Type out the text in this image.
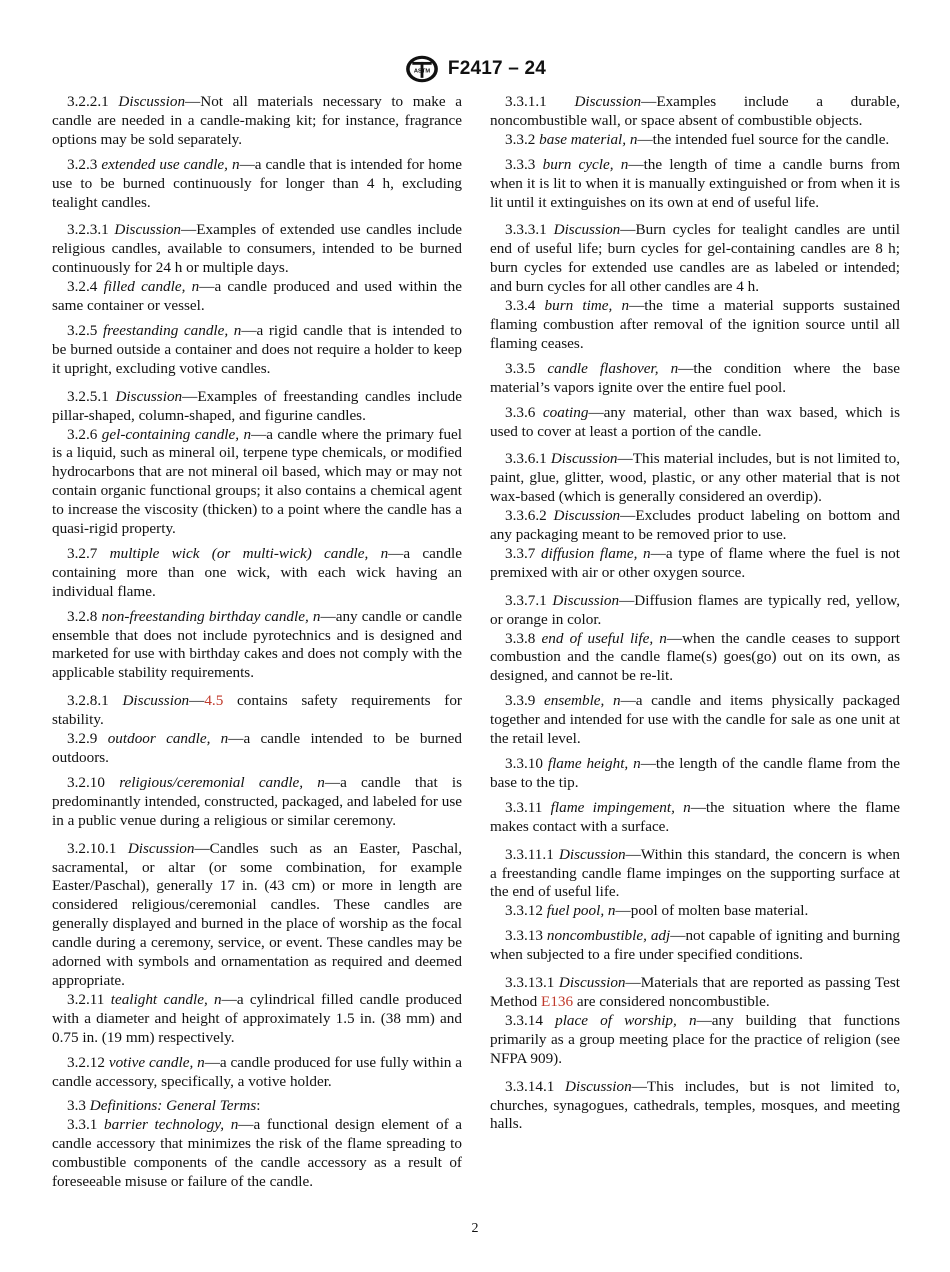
ASTM F2417 – 24

3.2.2.1 Discussion—Not all materials necessary to make a candle are needed in a candle-making kit; for instance, fragrance options may be sold separately.

3.2.3 extended use candle, n—a candle that is intended for home use to be burned continuously for longer than 4 h, excluding tealight candles.

3.2.3.1 Discussion—Examples of extended use candles include religious candles, available to consumers, intended to be burned continuously for 24 h or multiple days.

3.2.4 filled candle, n—a candle produced and used within the same container or vessel.

3.2.5 freestanding candle, n—a rigid candle that is intended to be burned outside a container and does not require a holder to keep it upright, excluding votive candles.

3.2.5.1 Discussion—Examples of freestanding candles include pillar-shaped, column-shaped, and figurine candles.

3.2.6 gel-containing candle, n—a candle where the primary fuel is a liquid, such as mineral oil, terpene type chemicals, or modified hydrocarbons that are not mineral oil based, which may or may not contain organic functional groups; it also contains a chemical agent to increase the viscosity (thicken) to a point where the candle has a quasi-rigid property.

3.2.7 multiple wick (or multi-wick) candle, n—a candle containing more than one wick, with each wick having an individual flame.

3.2.8 non-freestanding birthday candle, n—any candle or candle ensemble that does not include pyrotechnics and is designed and marketed for use with birthday cakes and does not comply with the applicable stability requirements.

3.2.8.1 Discussion—4.5 contains safety requirements for stability.

3.2.9 outdoor candle, n—a candle intended to be burned outdoors.

3.2.10 religious/ceremonial candle, n—a candle that is predominantly intended, constructed, packaged, and labeled for use in a public venue during a religious or similar ceremony.

3.2.10.1 Discussion—Candles such as an Easter, Paschal, sacramental, or altar (or some combination, for example Easter/Paschal), generally 17 in. (43 cm) or more in length are considered religious/ceremonial candles. These candles are generally displayed and burned in the place of worship as the focal candle during a ceremony, service, or event. These candles may be adorned with symbols and ornamentation as required and deemed appropriate.

3.2.11 tealight candle, n—a cylindrical filled candle produced with a diameter and height of approximately 1.5 in. (38 mm) and 0.75 in. (19 mm) respectively.

3.2.12 votive candle, n—a candle produced for use fully within a candle accessory, specifically, a votive holder.

3.3 Definitions: General Terms:

3.3.1 barrier technology, n—a functional design element of a candle accessory that minimizes the risk of the flame spreading to combustible components of the candle accessory as a result of foreseeable misuse or failure of the candle.

3.3.1.1 Discussion—Examples include a durable, noncombustible wall, or space absent of combustible objects.

3.3.2 base material, n—the intended fuel source for the candle.

3.3.3 burn cycle, n—the length of time a candle burns from when it is lit to when it is manually extinguished or from when it is lit until it extinguishes on its own at end of useful life.

3.3.3.1 Discussion—Burn cycles for tealight candles are until end of useful life; burn cycles for gel-containing candles are 8 h; burn cycles for extended use candles are as labeled or intended; and burn cycles for all other candles are 4 h.

3.3.4 burn time, n—the time a material supports sustained flaming combustion after removal of the ignition source until all flaming ceases.

3.3.5 candle flashover, n—the condition where the base material’s vapors ignite over the entire fuel pool.

3.3.6 coating—any material, other than wax based, which is used to cover at least a portion of the candle.

3.3.6.1 Discussion—This material includes, but is not limited to, paint, glue, glitter, wood, plastic, or any other material that is not wax-based (which is generally considered an overdip).

3.3.6.2 Discussion—Excludes product labeling on bottom and any packaging meant to be removed prior to use.

3.3.7 diffusion flame, n—a type of flame where the fuel is not premixed with air or other oxygen source.

3.3.7.1 Discussion—Diffusion flames are typically red, yellow, or orange in color.

3.3.8 end of useful life, n—when the candle ceases to support combustion and the candle flame(s) goes(go) out on its own, as designed, and cannot be re-lit.

3.3.9 ensemble, n—a candle and items physically packaged together and intended for use with the candle for sale as one unit at the retail level.

3.3.10 flame height, n—the length of the candle flame from the base to the tip.

3.3.11 flame impingement, n—the situation where the flame makes contact with a surface.

3.3.11.1 Discussion—Within this standard, the concern is when a freestanding candle flame impinges on the supporting surface at the end of useful life.

3.3.12 fuel pool, n—pool of molten base material.

3.3.13 noncombustible, adj—not capable of igniting and burning when subjected to a fire under specified conditions.

3.3.13.1 Discussion—Materials that are reported as passing Test Method E136 are considered noncombustible.

3.3.14 place of worship, n—any building that functions primarily as a group meeting place for the practice of religion (see NFPA 909).

3.3.14.1 Discussion—This includes, but is not limited to, churches, synagogues, cathedrals, temples, mosques, and meeting halls.

2
